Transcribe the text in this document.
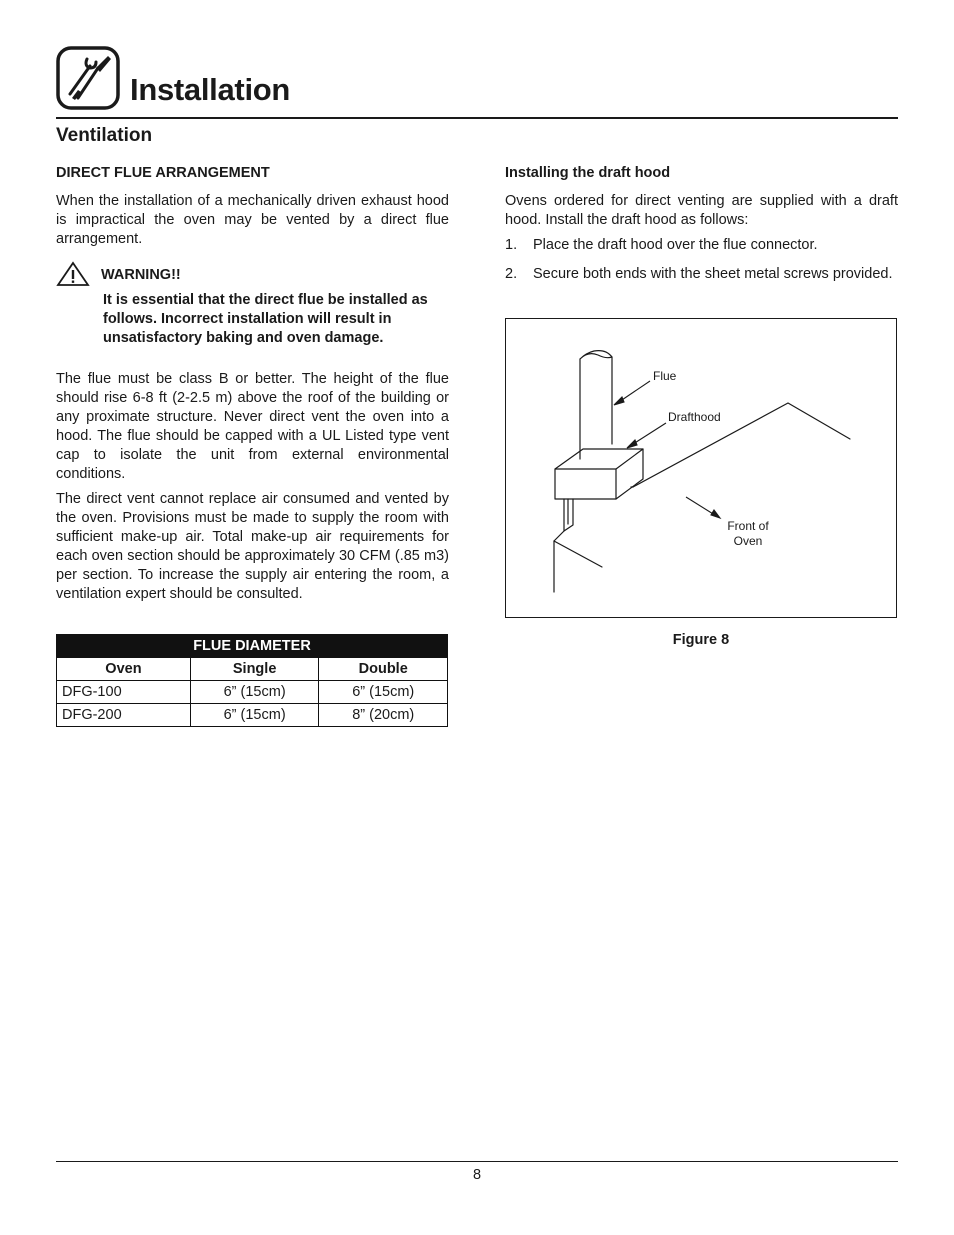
Installation
Ventilation
DIRECT FLUE ARRANGEMENT

When the installation of a mechanically driven exhaust hood is impractical the oven may be vented by a direct flue arrangement.

WARNING!!

It is essential that the direct flue be installed as follows. Incorrect installation will result in unsatisfactory baking and oven damage.

The flue must be class B or better. The height of the flue should rise 6-8 ft (2-2.5 m) above the roof of the building or any proximate structure. Never direct vent the oven into a hood. The flue should be capped with a UL Listed type vent cap to isolate the unit from external environmental conditions.

The direct vent cannot replace air consumed and vented by the oven. Provisions must be made to supply the room with sufficient make-up air. Total make-up air requirements for each oven section should be approximately 30 CFM (.85 m3) per section. To increase the supply air entering the room, a ventilation expert should be consulted.

FLUE DIAMETER		
Oven	Single	Double
DFG-100	6” (15cm)	6” (15cm)
DFG-200	6” (15cm)	8” (20cm)
Installing the draft hood

Ovens ordered for direct venting are supplied with a draft hood. Install the draft hood as follows:

1. Place the draft hood over the flue connector.
2. Secure both ends with the sheet metal screws provided.
Flue
Drafthood
Front of
Oven
Figure 8
8
